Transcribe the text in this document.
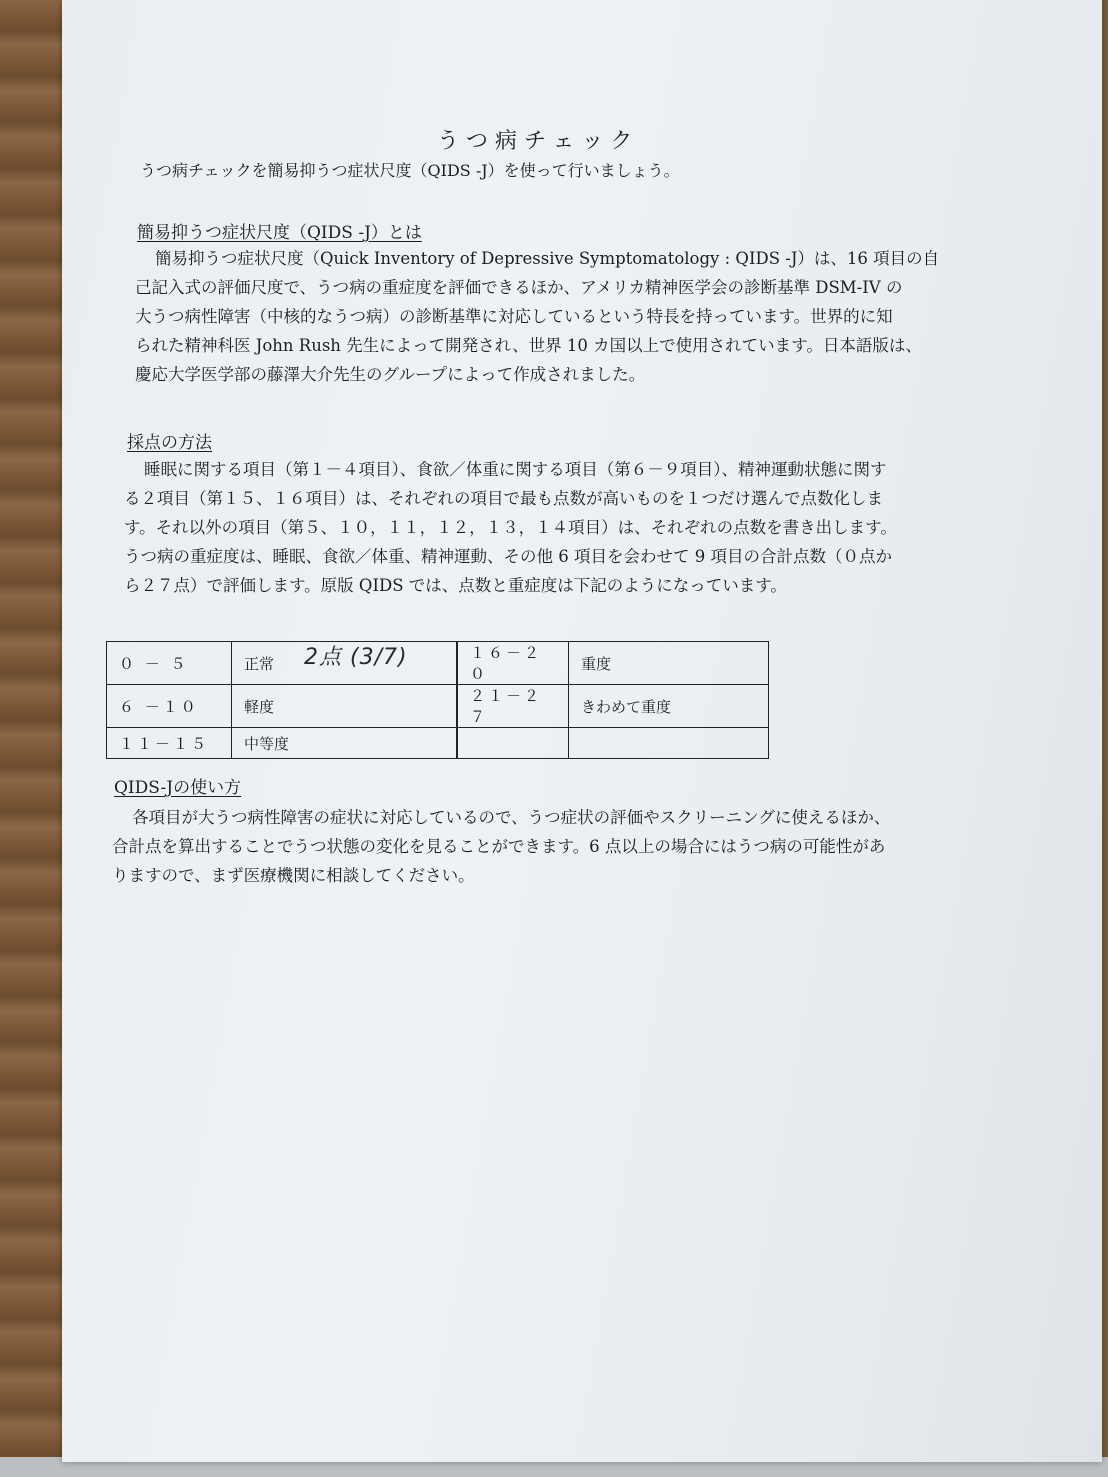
うつ病チェック
うつ病チェックを簡易抑うつ症状尺度（QIDS -J）を使って行いましょう。
簡易抑うつ症状尺度（QIDS -J）とは
簡易抑うつ症状尺度（Quick Inventory of Depressive Symptomatology : QIDS -J）は、16 項目の自
己記入式の評価尺度で、うつ病の重症度を評価できるほか、アメリカ精神医学会の診断基準 DSM-IV の
大うつ病性障害（中核的なうつ病）の診断基準に対応しているという特長を持っています。世界的に知
られた精神科医 John Rush 先生によって開発され、世界 10 カ国以上で使用されています。日本語版は、
慶応大学医学部の藤澤大介先生のグループによって作成されました。
採点の方法
睡眠に関する項目（第１－４項目）、食欲／体重に関する項目（第６－９項目）、精神運動状態に関す
る２項目（第１５、１６項目）は、それぞれの項目で最も点数が高いものを１つだけ選んで点数化しま
す。それ以外の項目（第５、１０，１１，１２，１３，１４項目）は、それぞれの点数を書き出します。
うつ病の重症度は、睡眠、食欲／体重、精神運動、その他 6 項目を会わせて 9 項目の合計点数（０点か
ら２７点）で評価します。原版 QIDS では、点数と重症度は下記のようになっています。
０ － ５	正常 2点 (3/7)		１６－２０	重度
６ －１０	軽度		２１－２７	きわめて重度
１１－１５	中等度			
QIDS-Jの使い方
各項目が大うつ病性障害の症状に対応しているので、うつ症状の評価やスクリーニングに使えるほか、
合計点を算出することでうつ状態の変化を見ることができます。6 点以上の場合にはうつ病の可能性があ
りますので、まず医療機関に相談してください。
